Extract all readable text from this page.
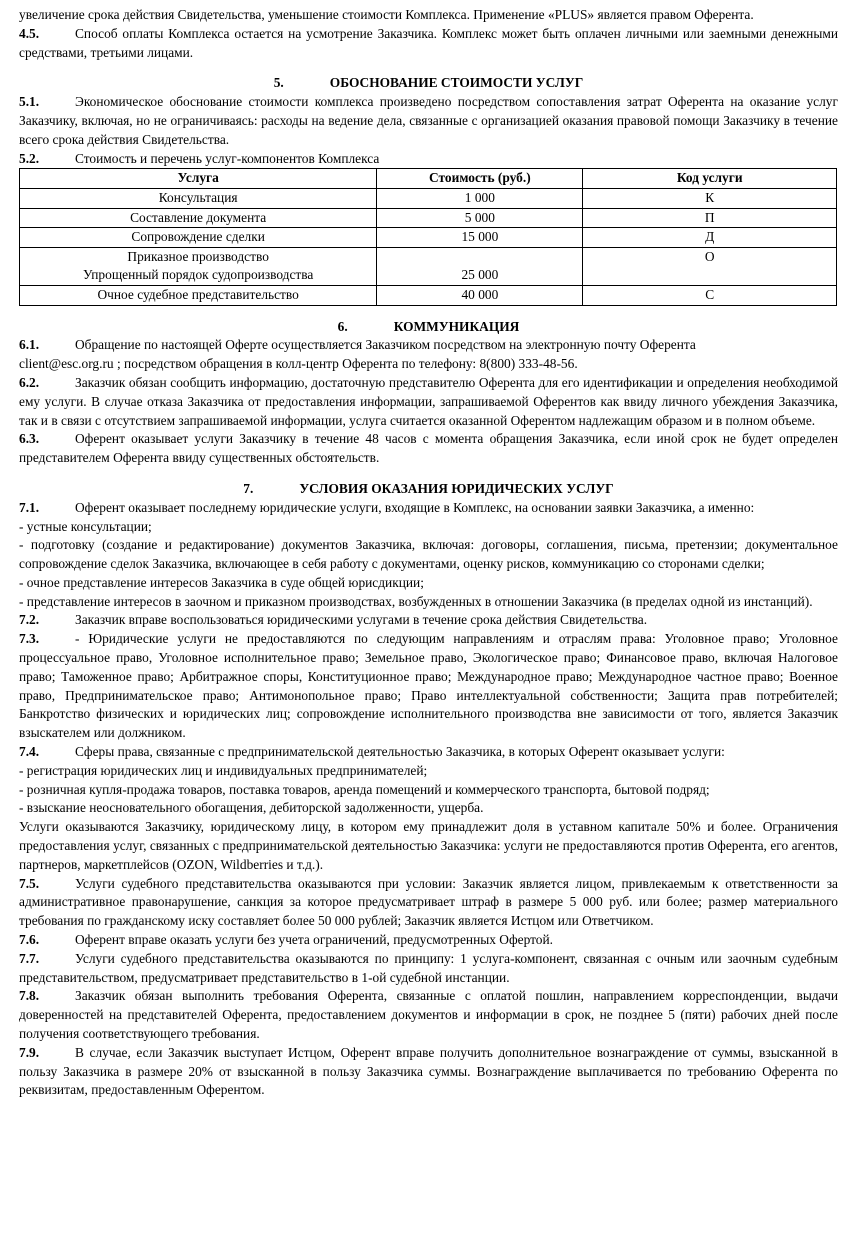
увеличение срока действия Свидетельства, уменьшение стоимости Комплекса. Применение «PLUS» является правом Оферента.

4.5.	Способ оплаты Комплекса остается на усмотрение Заказчика. Комплекс может быть оплачен личными или заемными денежными средствами, третьими лицами.

5.	ОБОСНОВАНИЕ СТОИМОСТИ УСЛУГ

5.1.	Экономическое обоснование стоимости комплекса произведено посредством сопоставления затрат Оферента на оказание услуг Заказчику, включая, но не ограничиваясь: расходы на ведение дела, связанные с организацией оказания правовой помощи Заказчику в течение всего срока действия Свидетельства.

5.2.	Стоимость и перечень услуг-компонентов Комплекса

Услуга	Стоимость (руб.)	Код услуги
Консультация	1 000	К
Составление документа	5 000	П
Сопровождение сделки	15 000	Д

Приказное производство
Упрощенный порядок судопроизводства	25 000	О
Очное судебное представительство	40 000	С

6.	КОММУНИКАЦИЯ

6.1.	Обращение по настоящей Оферте осуществляется Заказчиком посредством на электронную почту Оферента

client@esc.org.ru ; посредством обращения в колл-центр Оферента по телефону: 8(800) 333-48-56.

6.2.	Заказчик обязан сообщить информацию, достаточную представителю Оферента для его идентификации и определения необходимой ему услуги. В случае отказа Заказчика от предоставления информации, запрашиваемой Оферентов как ввиду личного убеждения Заказчика, так и в связи с отсутствием запрашиваемой информации, услуга считается оказанной Оферентом надлежащим образом и в полном объеме.

6.3.	Оферент оказывает услуги Заказчику в течение 48 часов с момента обращения Заказчика, если иной срок не будет определен представителем Оферента ввиду существенных обстоятельств.

7.	УСЛОВИЯ ОКАЗАНИЯ ЮРИДИЧЕСКИХ УСЛУГ

7.1.	Оферент оказывает последнему юридические услуги, входящие в Комплекс, на основании заявки Заказчика, а именно:

- устные консультации;

- подготовку (создание и редактирование) документов Заказчика, включая: договоры, соглашения, письма, претензии; документальное сопровождение сделок Заказчика, включающее в себя работу с документами, оценку рисков, коммуникацию со сторонами сделки;

- очное представление интересов Заказчика в суде общей юрисдикции;

- представление интересов в заочном и приказном производствах, возбужденных в отношении Заказчика (в пределах одной из инстанций).

7.2.	Заказчик вправе воспользоваться юридическими услугами в течение срока действия Свидетельства.

7.3.	- Юридические услуги не предоставляются по следующим направлениям и отраслям права: Уголовное право; Уголовное процессуальное право, Уголовное исполнительное право; Земельное право, Экологическое право; Финансовое право, включая Налоговое право; Таможенное право; Арбитражное споры, Конституционное право; Международное право; Международное частное право; Военное право, Предпринимательское право; Антимонопольное право; Право интеллектуальной собственности; Защита прав потребителей; Банкротство физических и юридических лиц; сопровождение исполнительного производства вне зависимости от того, является Заказчик взыскателем или должником.

7.4.	Сферы права, связанные с предпринимательской деятельностью Заказчика, в которых Оферент оказывает услуги:

- регистрация юридических лиц и индивидуальных предпринимателей;

- розничная купля-продажа товаров, поставка товаров, аренда помещений и коммерческого транспорта, бытовой подряд;

- взыскание неосновательного обогащения, дебиторской задолженности, ущерба.

Услуги оказываются Заказчику, юридическому лицу, в котором ему принадлежит доля в уставном капитале 50% и более. Ограничения предоставления услуг, связанных с предпринимательской деятельностью Заказчика: услуги не предоставляются против Оферента, его агентов, партнеров, маркетплейсов (OZON, Wildberries и т.д.).

7.5.	Услуги судебного представительства оказываются при условии: Заказчик является лицом, привлекаемым к ответственности за административное правонарушение, санкция за которое предусматривает штраф в размере 5 000 руб. или более; размер материального требования по гражданскому иску составляет более 50 000 рублей; Заказчик является Истцом или Ответчиком.

7.6.	Оферент вправе оказать услуги без учета ограничений, предусмотренных Офертой.

7.7.	Услуги судебного представительства оказываются по принципу: 1 услуга-компонент, связанная с очным или заочным судебным представительством, предусматривает представительство в 1-ой судебной инстанции.

7.8.	Заказчик обязан выполнить требования Оферента, связанные с оплатой пошлин, направлением корреспонденции, выдачи доверенностей на представителей Оферента, предоставлением документов и информации в срок, не позднее 5 (пяти) рабочих дней после получения соответствующего требования.

7.9.	В случае, если Заказчик выступает Истцом, Оферент вправе получить дополнительное вознаграждение от суммы, взысканной в пользу Заказчика в размере 20% от взысканной в пользу Заказчика суммы. Вознаграждение выплачивается по требованию Оферента по реквизитам, предоставленным Оферентом.
